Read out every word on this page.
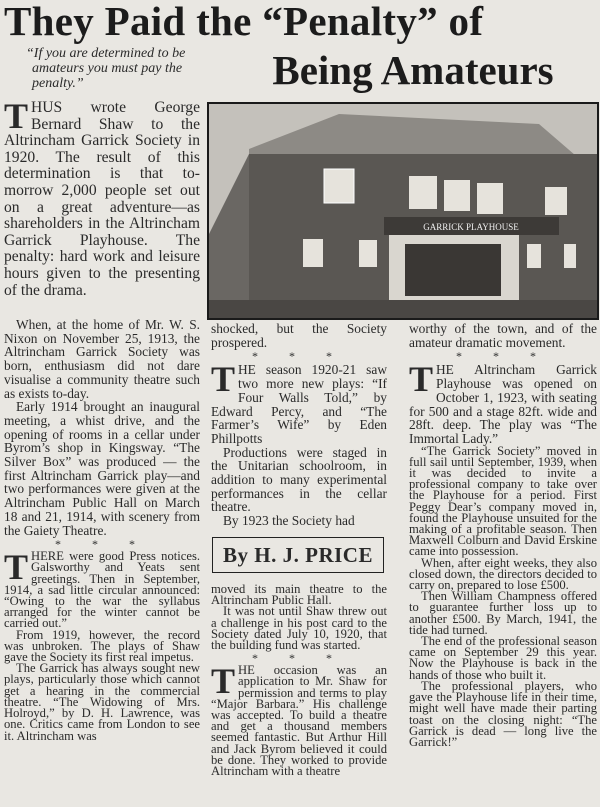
They Paid the “Penalty” of
Being Amateurs
“If you are determined to be amateurs you must pay the penalty.”

THUS wrote George Bernard Shaw to the Altrincham Garrick Society in 1920. The result of this determination is that to-morrow 2,000 people set out on a great adventure—as shareholders in the Altrincham Garrick Playhouse. The penalty: hard work and leisure hours given to the presenting of the drama.

When, at the home of Mr. W. S. Nixon on November 25, 1913, the Altrincham Garrick Society was born, enthusiasm did not dare visualise a community theatre such as exists to-day.

Early 1914 brought an inaugural meeting, a whist drive, and the opening of rooms in a cellar under Byrom’s shop in Kingsway. “The Silver Box” was produced — the first Altrincham Garrick play—and two performances were given at the Altrincham Public Hall on March 18 and 21, 1914, with scenery from the Gaiety Theatre.

* * *

THERE were good Press notices. Galsworthy and Yeats sent greetings. Then in September, 1914, a sad little circular announced: “Owing to the war the syllabus arranged for the winter cannot be carried out.”

From 1919, however, the record was unbroken. The plays of Shaw gave the Society its first real impetus.

The Garrick has always sought new plays, particularly those which cannot get a hearing in the commercial theatre. “The Widowing of Mrs. Holroyd,” by D. H. Lawrence, was one. Critics came from London to see it. Altrincham was

GARRICK PLAYHOUSE

shocked, but the Society prospered.

* * *

THE season 1920-21 saw two more new plays: “If Four Walls Told,” by Edward Percy, and “The Farmer’s Wife” by Eden Phillpotts

Productions were staged in the Unitarian schoolroom, in addition to many experimental performances in the cellar theatre.

By 1923 the Society had

By H. J. PRICE

moved its main theatre to the Altrincham Public Hall.

It was not until Shaw threw out a challenge in his post card to the Society dated July 10, 1920, that the building fund was started.

* * *

THE occasion was an application to Mr. Shaw for permission and terms to play “Major Barbara.” His challenge was accepted. To build a theatre and get a thousand members seemed fantastic. But Arthur Hill and Jack Byrom believed it could be done. They worked to provide Altrincham with a theatre

worthy of the town, and of the amateur dramatic movement.

* * *

THE Altrincham Garrick Playhouse was opened on October 1, 1923, with seating for 500 and a stage 82ft. wide and 28ft. deep. The play was “The Immortal Lady.”

“The Garrick Society” moved in full sail until September, 1939, when it was decided to invite a professional company to take over the Playhouse for a period. First Peggy Dear’s company moved in, found the Playhouse unsuited for the making of a profitable season. Then Maxwell Colburn and David Erskine came into possession.

When, after eight weeks, they also closed down, the directors decided to carry on, prepared to lose £500.

Then William Champness offered to guarantee further loss up to another £500. By March, 1941, the tide had turned.

The end of the professional season came on September 29 this year. Now the Playhouse is back in the hands of those who built it.

The professional players, who gave the Playhouse life in their time, might well have made their parting toast on the closing night: “The Garrick is dead — long live the Garrick!”
